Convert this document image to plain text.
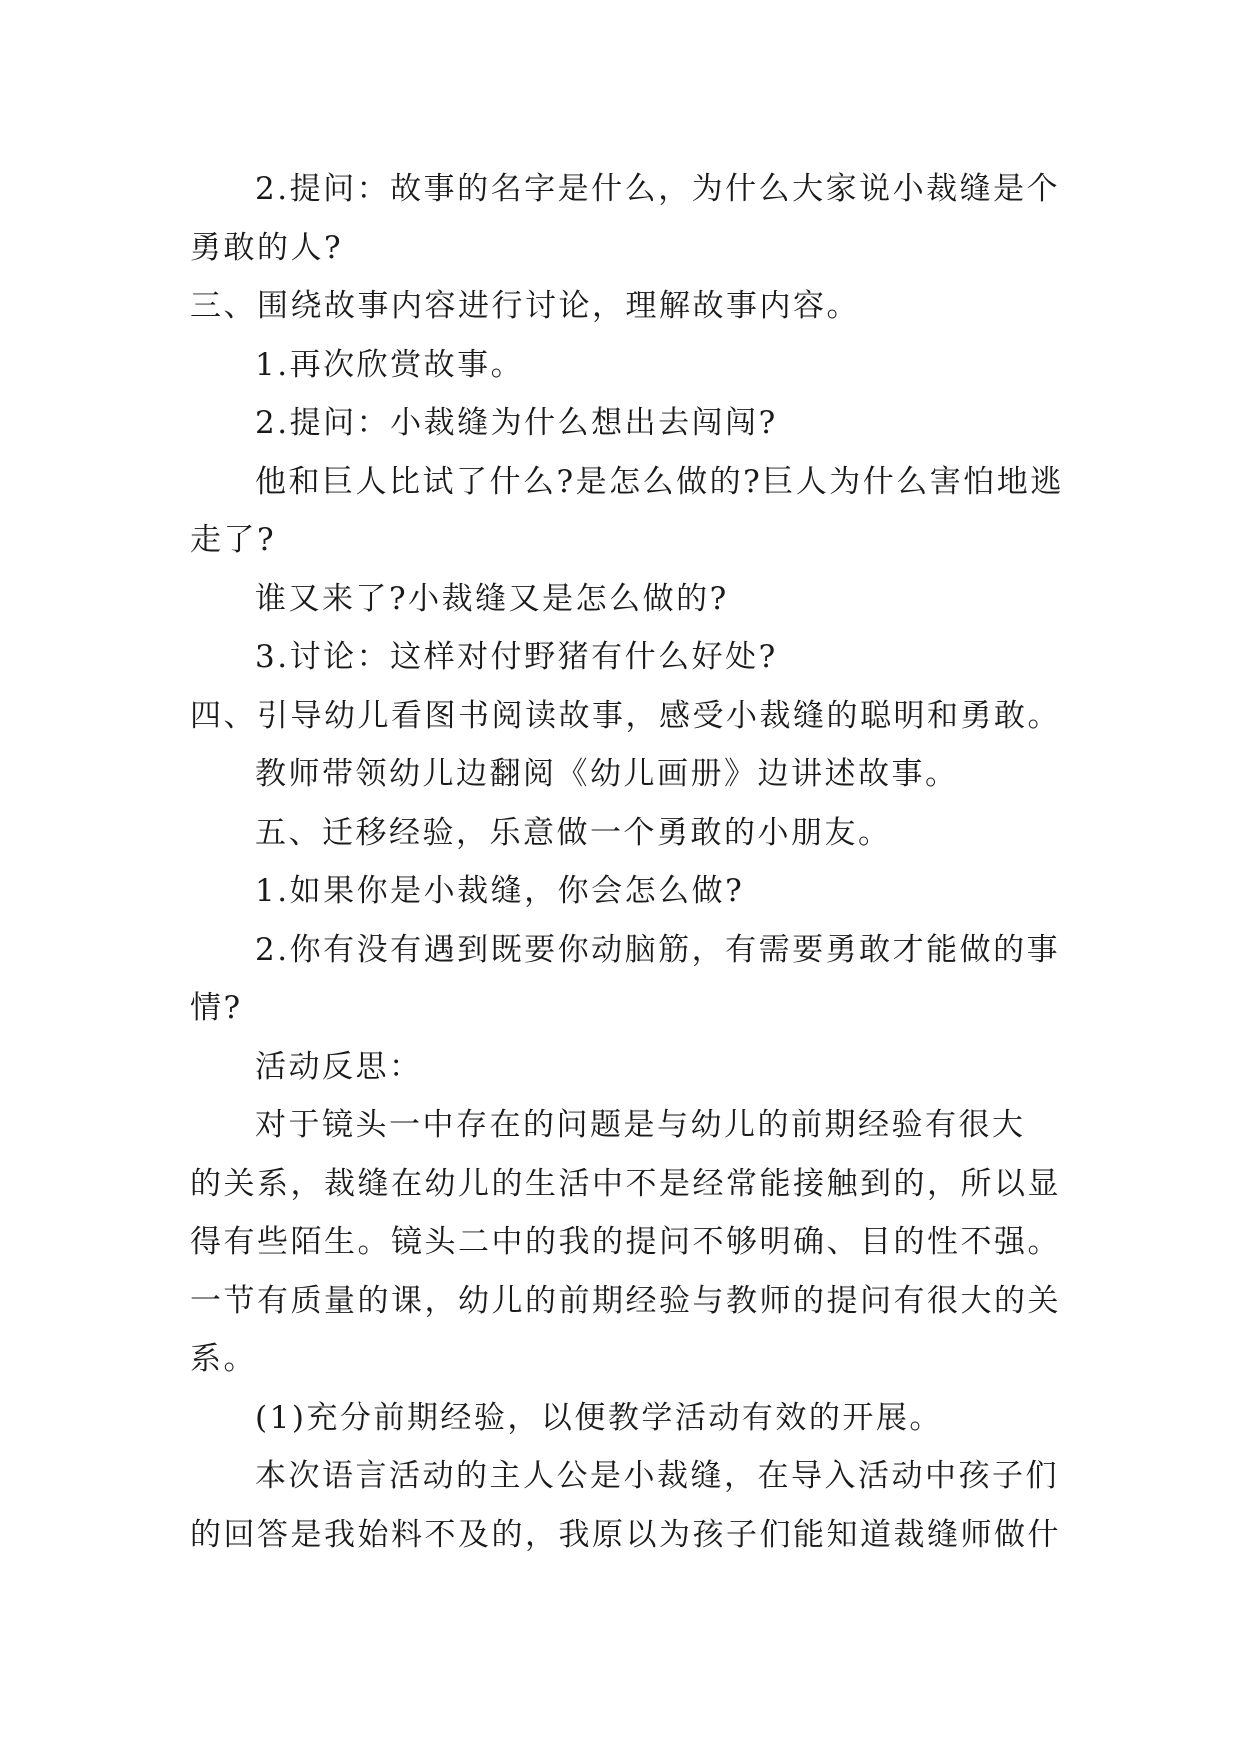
2.提问：故事的名字是什么，为什么大家说小裁缝是个
勇敢的人?
三、围绕故事内容进行讨论，理解故事内容。
1.再次欣赏故事。
2.提问：小裁缝为什么想出去闯闯?
他和巨人比试了什么?是怎么做的?巨人为什么害怕地逃
走了?
谁又来了?小裁缝又是怎么做的?
3.讨论：这样对付野猪有什么好处?
四、引导幼儿看图书阅读故事，感受小裁缝的聪明和勇敢。
教师带领幼儿边翻阅《幼儿画册》边讲述故事。
五、迁移经验，乐意做一个勇敢的小朋友。
1.如果你是小裁缝，你会怎么做?
2.你有没有遇到既要你动脑筋，有需要勇敢才能做的事
情?
活动反思：
对于镜头一中存在的问题是与幼儿的前期经验有很大
的关系，裁缝在幼儿的生活中不是经常能接触到的，所以显
得有些陌生。镜头二中的我的提问不够明确、目的性不强。
一节有质量的课，幼儿的前期经验与教师的提问有很大的关
系。
(1)充分前期经验，以便教学活动有效的开展。
本次语言活动的主人公是小裁缝，在导入活动中孩子们
的回答是我始料不及的，我原以为孩子们能知道裁缝师做什
